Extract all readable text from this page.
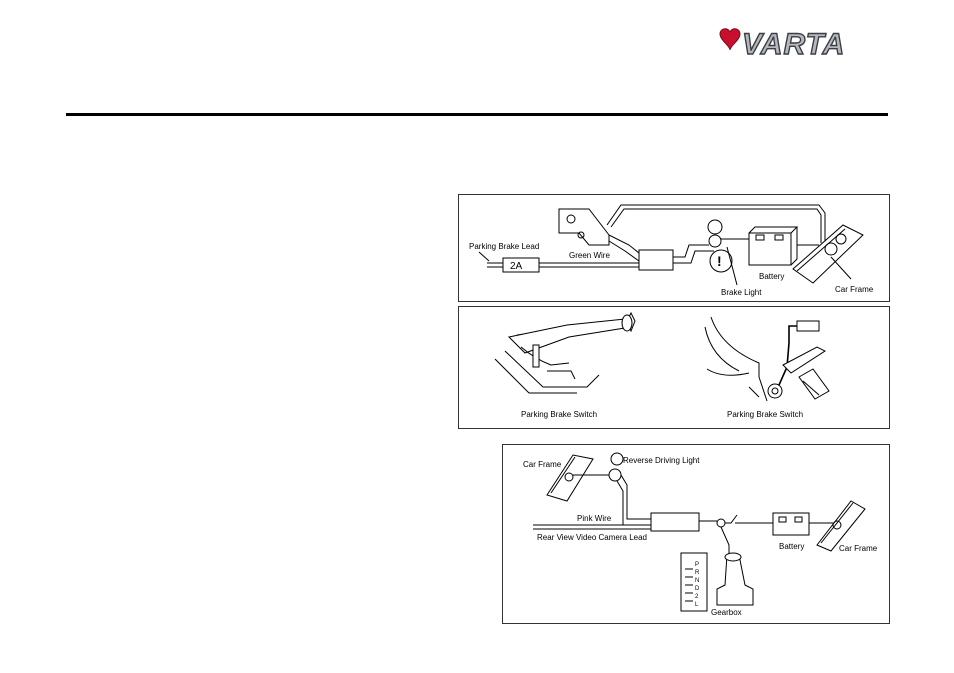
VARTA
2A
Parking Brake Lead
Green Wire	!
Brake Light
Battery
Car Frame
Parking Brake Switch	Parking Brake Switch
Car Frame	Reverse Driving Light
Pink Wire
Rear View Video Camera Lead
Battery	Car Frame
P
R
N
D
2
L
Gearbox
